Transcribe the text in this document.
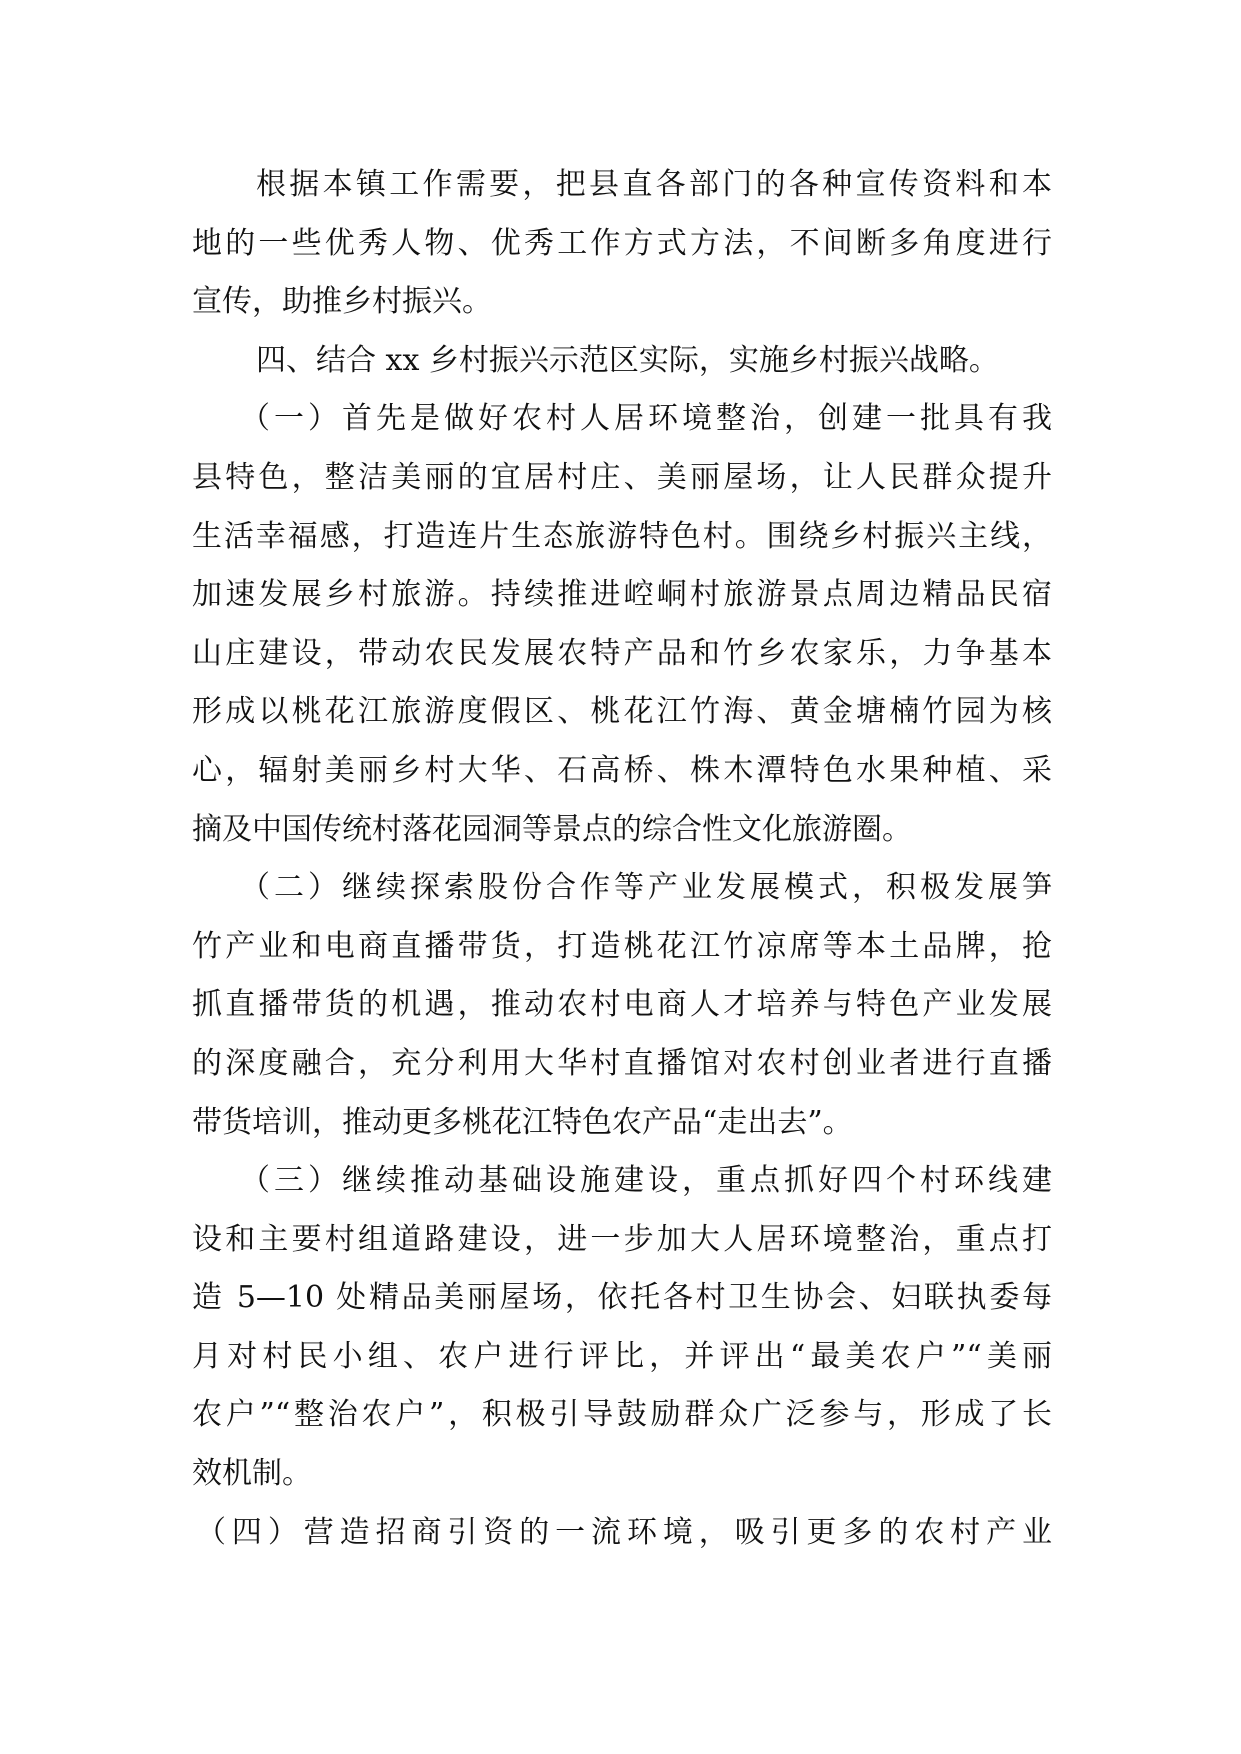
根据本镇工作需要，把县直各部门的各种宣传资料和本
地的一些优秀人物、优秀工作方式方法，不间断多角度进行
宣传，助推乡村振兴。
四、结合 xx 乡村振兴示范区实际，实施乡村振兴战略。
（一）首先是做好农村人居环境整治，创建一批具有我
县特色，整洁美丽的宜居村庄、美丽屋场，让人民群众提升
生活幸福感，打造连片生态旅游特色村。围绕乡村振兴主线，
加速发展乡村旅游。持续推进崆峒村旅游景点周边精品民宿
山庄建设，带动农民发展农特产品和竹乡农家乐，力争基本
形成以桃花江旅游度假区、桃花江竹海、黄金塘楠竹园为核
心，辐射美丽乡村大华、石高桥、株木潭特色水果种植、采
摘及中国传统村落花园洞等景点的综合性文化旅游圈。
（二）继续探索股份合作等产业发展模式，积极发展笋
竹产业和电商直播带货，打造桃花江竹凉席等本土品牌，抢
抓直播带货的机遇，推动农村电商人才培养与特色产业发展
的深度融合，充分利用大华村直播馆对农村创业者进行直播
带货培训，推动更多桃花江特色农产品“走出去”。
（三）继续推动基础设施建设，重点抓好四个村环线建
设和主要村组道路建设，进一步加大人居环境整治，重点打
造 5—10 处精品美丽屋场，依托各村卫生协会、妇联执委每
月对村民小组、农户进行评比，并评出“最美农户”“美丽
农户”“整治农户”，积极引导鼓励群众广泛参与，形成了长
效机制。
（四）营造招商引资的一流环境，吸引更多的农村产业
